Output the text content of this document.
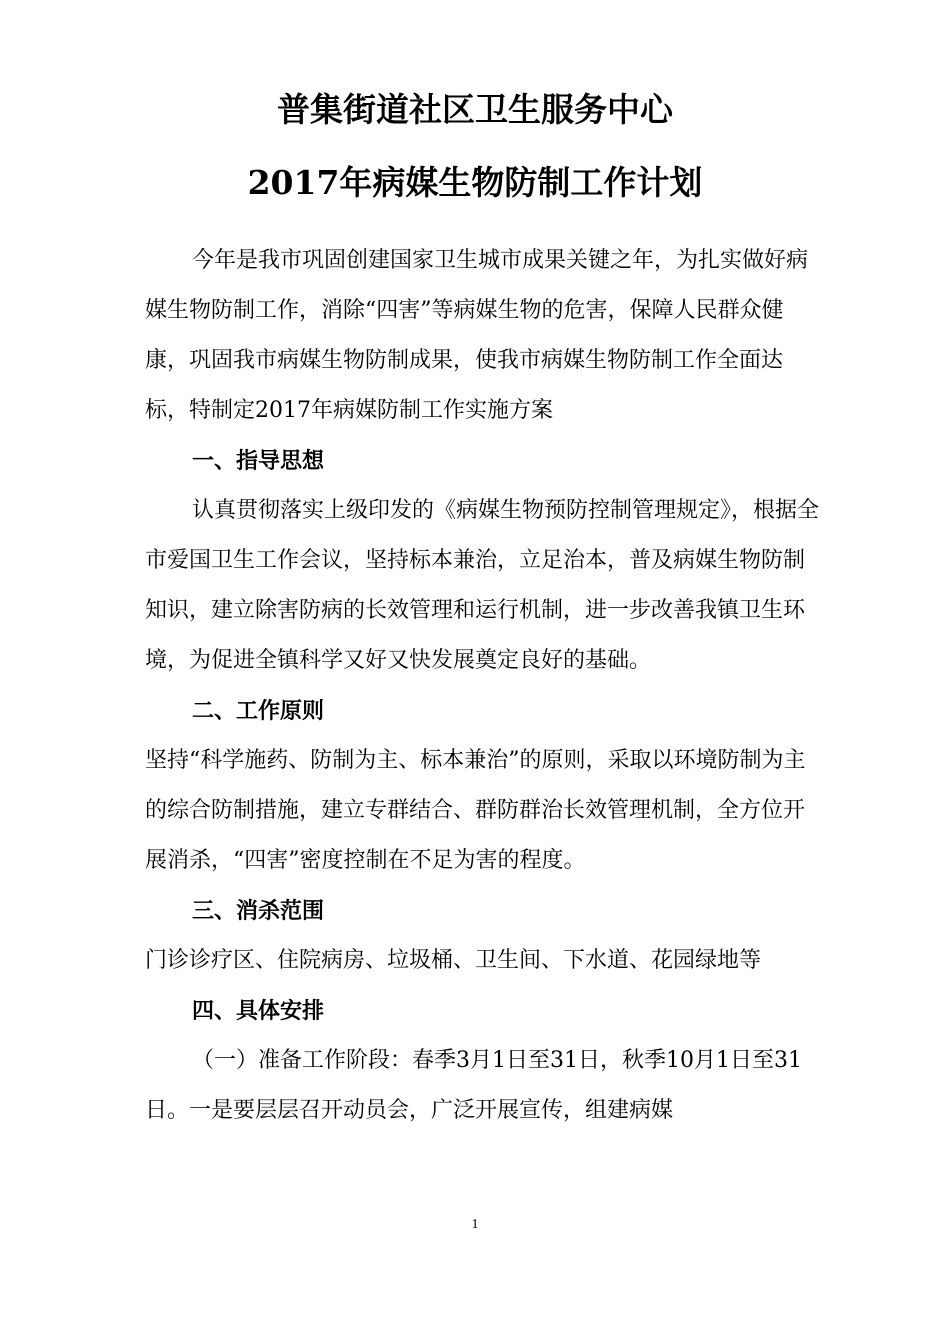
普集街道社区卫生服务中心
2017年病媒生物防制工作计划

今年是我市巩固创建国家卫生城市成果关键之年，为扎实做好病媒生物防制工作，消除“四害”等病媒生物的危害，保障人民群众健康，巩固我市病媒生物防制成果，使我市病媒生物防制工作全面达标，特制定2017年病媒防制工作实施方案

一、指导思想

认真贯彻落实上级印发的《病媒生物预防控制管理规定》，根据全市爱国卫生工作会议，坚持标本兼治，立足治本，普及病媒生物防制知识，建立除害防病的长效管理和运行机制，进一步改善我镇卫生环境，为促进全镇科学又好又快发展奠定良好的基础。

二、工作原则

坚持“科学施药、防制为主、标本兼治”的原则，采取以环境防制为主的综合防制措施，建立专群结合、群防群治长效管理机制，全方位开展消杀，“四害”密度控制在不足为害的程度。

三、消杀范围

门诊诊疗区、住院病房、垃圾桶、卫生间、下水道、花园绿地等

四、具体安排

（一）准备工作阶段：春季3月1日至31日，秋季10月1日至31日。一是要层层召开动员会，广泛开展宣传，组建病媒

1
